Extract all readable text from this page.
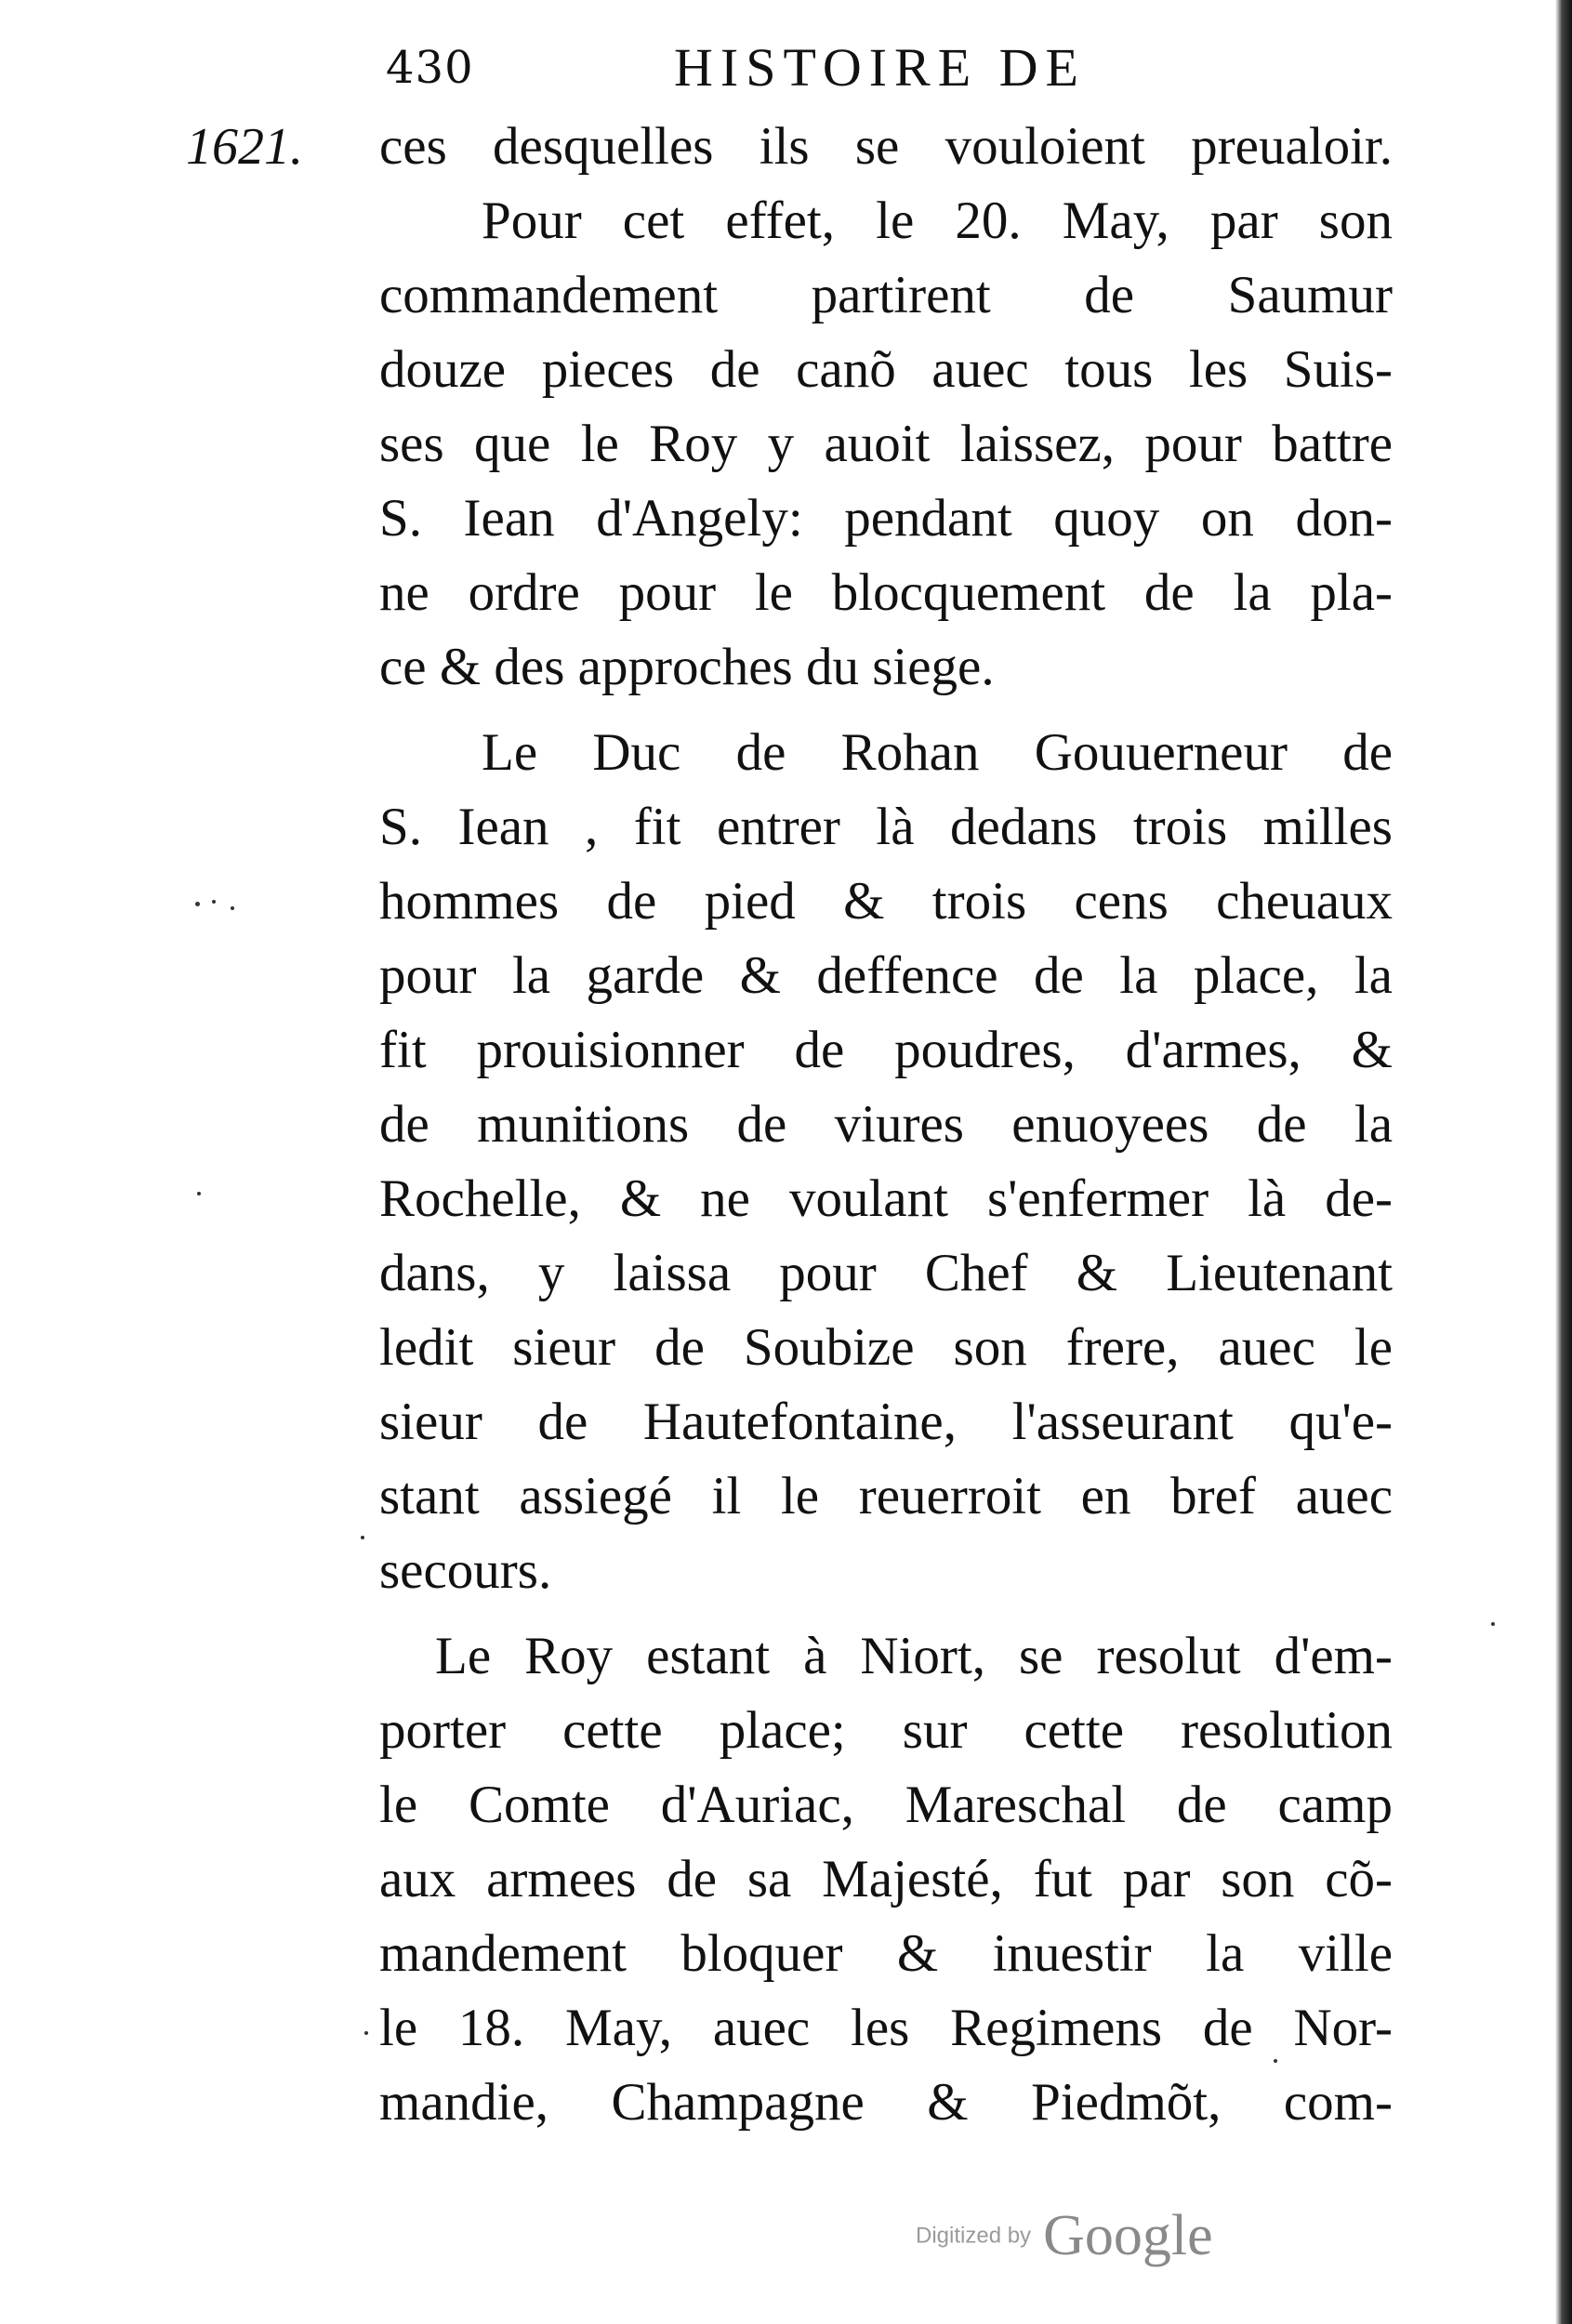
430	HISTOIRE DE
1621. ces desquelles ils se vouloient preualoir.
Pour cet effet, le 20. May, par son
commandement partirent de Saumur
douze pieces de canõ auec tous les Suis-
ses que le Roy y auoit laissez, pour battre
S. Iean d'Angely: pendant quoy on don-
ne ordre pour le blocquement de la pla-
ce & des approches du siege.
Le Duc de Rohan Gouuerneur de
S. Iean , fit entrer là dedans trois milles
hommes de pied & trois cens cheuaux
pour la garde & deffence de la place, la
fit prouisionner de poudres, d'armes, &
de munitions de viures enuoyees de la
Rochelle, & ne voulant s'enfermer là de-
dans, y laissa pour Chef & Lieutenant
ledit sieur de Soubize son frere, auec le
sieur de Hautefontaine, l'asseurant qu'e-
stant assiegé il le reuerroit en bref auec
secours.
Le Roy estant à Niort, se resolut d'em-
porter cette place; sur cette resolution
le Comte d'Auriac, Mareschal de camp
aux armees de sa Majesté, fut par son cõ-
mandement bloquer & inuestir la ville
le 18. May, auec les Regimens de Nor-
mandie, Champagne & Piedmõt, com-
Digitized by Google
